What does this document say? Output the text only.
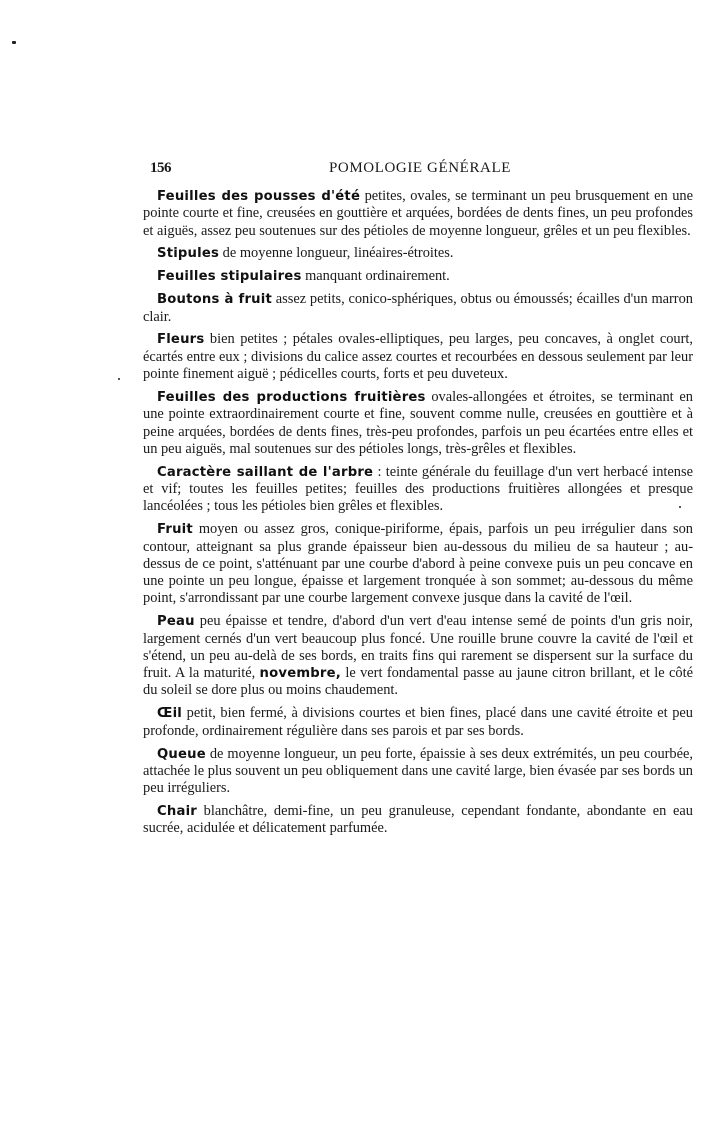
156	POMOLOGIE GÉNÉRALE

Feuilles des pousses d'été petites, ovales, se terminant un peu brusquement en une pointe courte et fine, creusées en gouttière et arquées, bordées de dents fines, un peu profondes et aiguës, assez peu soutenues sur des pétioles de moyenne longueur, grêles et un peu flexibles.

Stipules de moyenne longueur, linéaires-étroites.

Feuilles stipulaires manquant ordinairement.

Boutons à fruit assez petits, conico-sphériques, obtus ou émoussés; écailles d'un marron clair.

Fleurs bien petites ; pétales ovales-elliptiques, peu larges, peu concaves, à onglet court, écartés entre eux ; divisions du calice assez courtes et recourbées en dessous seulement par leur pointe finement aiguë ; pédicelles courts, forts et peu duveteux.

Feuilles des productions fruitières ovales-allongées et étroites, se terminant en une pointe extraordinairement courte et fine, souvent comme nulle, creusées en gouttière et à peine arquées, bordées de dents fines, très-peu profondes, parfois un peu écartées entre elles et un peu aiguës, mal soutenues sur des pétioles longs, très-grêles et flexibles.

Caractère saillant de l'arbre : teinte générale du feuillage d'un vert herbacé intense et vif; toutes les feuilles petites; feuilles des productions fruitières allongées et presque lancéolées ; tous les pétioles bien grêles et flexibles.

Fruit moyen ou assez gros, conique-piriforme, épais, parfois un peu irrégulier dans son contour, atteignant sa plus grande épaisseur bien au-dessous du milieu de sa hauteur ; au-dessus de ce point, s'atténuant par une courbe d'abord à peine convexe puis un peu concave en une pointe un peu longue, épaisse et largement tronquée à son sommet; au-dessous du même point, s'arrondissant par une courbe largement convexe jusque dans la cavité de l'œil.

Peau peu épaisse et tendre, d'abord d'un vert d'eau intense semé de points d'un gris noir, largement cernés d'un vert beaucoup plus foncé. Une rouille brune couvre la cavité de l'œil et s'étend, un peu au-delà de ses bords, en traits fins qui rarement se dispersent sur la surface du fruit. A la maturité, novembre, le vert fondamental passe au jaune citron brillant, et le côté du soleil se dore plus ou moins chaudement.

Œil petit, bien fermé, à divisions courtes et bien fines, placé dans une cavité étroite et peu profonde, ordinairement régulière dans ses parois et par ses bords.

Queue de moyenne longueur, un peu forte, épaissie à ses deux extrémités, un peu courbée, attachée le plus souvent un peu obliquement dans une cavité large, bien évasée par ses bords un peu irréguliers.

Chair blanchâtre, demi-fine, un peu granuleuse, cependant fondante, abondante en eau sucrée, acidulée et délicatement parfumée.
